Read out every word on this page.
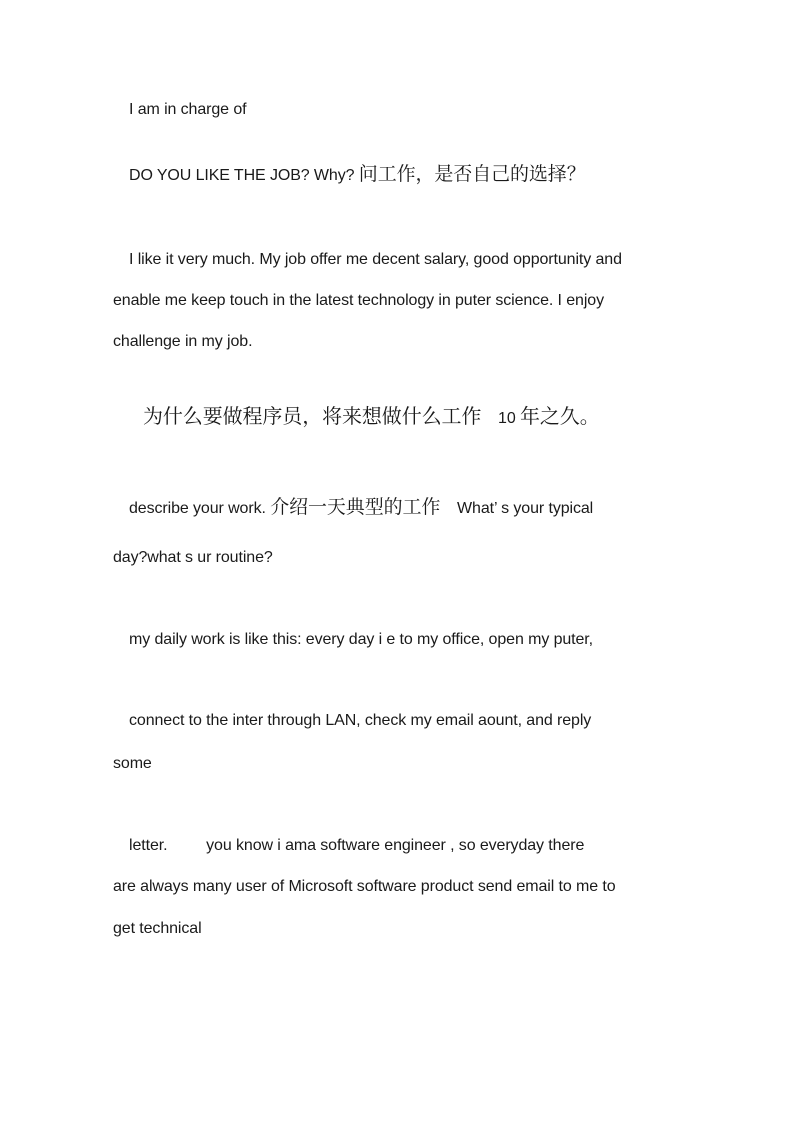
I am in charge of
DO YOU LIKE THE JOB? Why? 问工作，是否自己的选择？
I like it very much. My job offer me decent salary, good opportunity and
enable me keep touch in the latest technology in puter science. I enjoy
challenge in my job.
为什么要做程序员，将来想做什么工作 10 年之久。
describe your work. 介绍一天典型的工作 What’ s your typical
day?what s ur routine?
my daily work is like this: every day i e to my office, open my puter,
connect to the inter through LAN, check my email aount, and reply
some
letter. you know i ama software engineer , so everyday there
are always many user of Microsoft software product send email to me to
get technical
